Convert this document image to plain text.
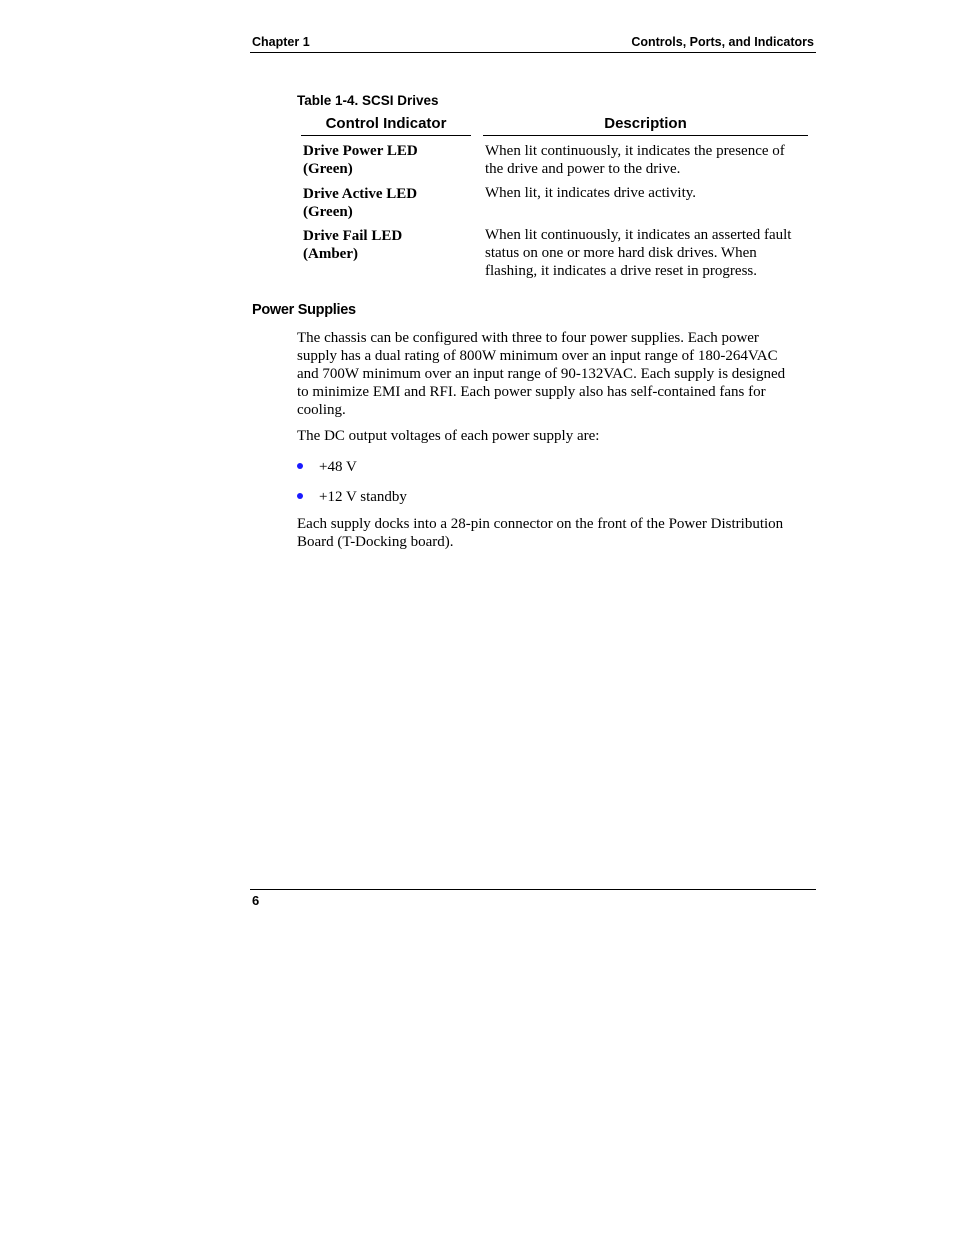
Chapter 1	Controls, Ports, and Indicators
Table 1-4. SCSI Drives
Control Indicator	Description
Drive Power LED
(Green)
When lit continuously, it indicates the presence of
the drive and power to the drive.
Drive Active LED
(Green)
When lit, it indicates drive activity.
Drive Fail LED
(Amber)
When lit continuously, it indicates an asserted fault
status on one or more hard disk drives. When
flashing, it indicates a drive reset in progress.
Power Supplies
The chassis can be configured with three to four power supplies. Each power
supply has a dual rating of 800W minimum over an input range of 180-264VAC
and 700W minimum over an input range of 90-132VAC. Each supply is designed
to minimize EMI and RFI. Each power supply also has self-contained fans for
cooling.
The DC output voltages of each power supply are:
+48 V
+12 V standby
Each supply docks into a 28-pin connector on the front of the Power Distribution
Board (T-Docking board).
6
